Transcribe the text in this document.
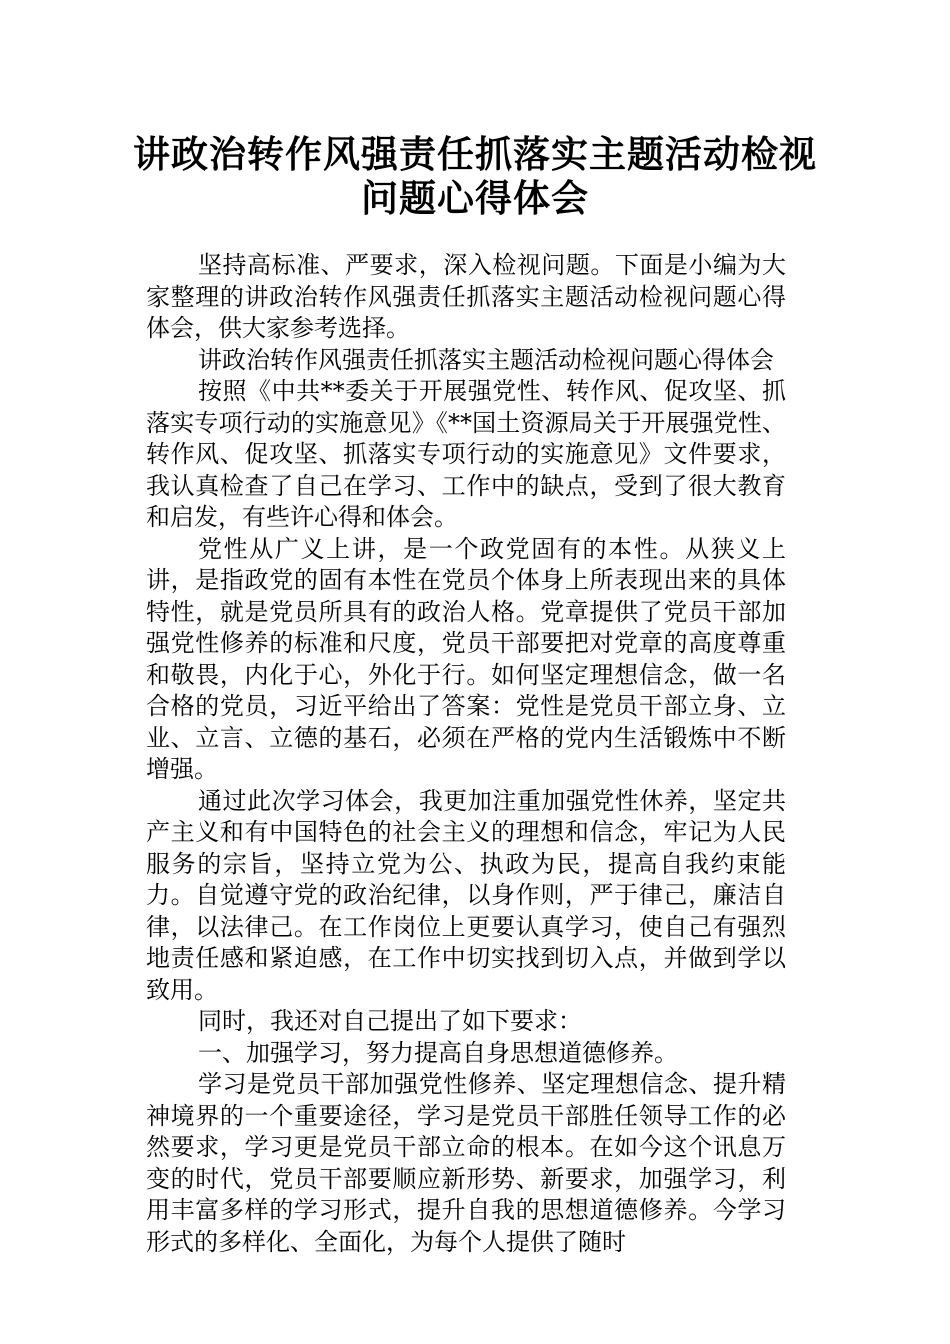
讲政治转作风强责任抓落实主题活动检视问题心得体会

坚持高标准、严要求，深入检视问题。下面是小编为大家整理的讲政治转作风强责任抓落实主题活动检视问题心得体会，供大家参考选择。

讲政治转作风强责任抓落实主题活动检视问题心得体会

按照《中共**委关于开展强党性、转作风、促攻坚、抓落实专项行动的实施意见》《**国土资源局关于开展强党性、转作风、促攻坚、抓落实专项行动的实施意见》文件要求，我认真检查了自己在学习、工作中的缺点，受到了很大教育和启发，有些许心得和体会。

党性从广义上讲，是一个政党固有的本性。从狭义上讲，是指政党的固有本性在党员个体身上所表现出来的具体特性，就是党员所具有的政治人格。党章提供了党员干部加强党性修养的标准和尺度，党员干部要把对党章的高度尊重和敬畏，内化于心，外化于行。如何坚定理想信念，做一名合格的党员，习近平给出了答案：党性是党员干部立身、立业、立言、立德的基石，必须在严格的党内生活锻炼中不断增强。

通过此次学习体会，我更加注重加强党性休养，坚定共产主义和有中国特色的社会主义的理想和信念，牢记为人民服务的宗旨，坚持立党为公、执政为民，提高自我约束能力。自觉遵守党的政治纪律，以身作则，严于律己，廉洁自律，以法律己。在工作岗位上更要认真学习，使自己有强烈地责任感和紧迫感，在工作中切实找到切入点，并做到学以致用。

同时，我还对自己提出了如下要求：

一、加强学习，努力提高自身思想道德修养。

学习是党员干部加强党性修养、坚定理想信念、提升精神境界的一个重要途径，学习是党员干部胜任领导工作的必然要求，学习更是党员干部立命的根本。在如今这个讯息万变的时代，党员干部要顺应新形势、新要求，加强学习，利用丰富多样的学习形式，提升自我的思想道德修养。今学习形式的多样化、全面化，为每个人提供了随时
